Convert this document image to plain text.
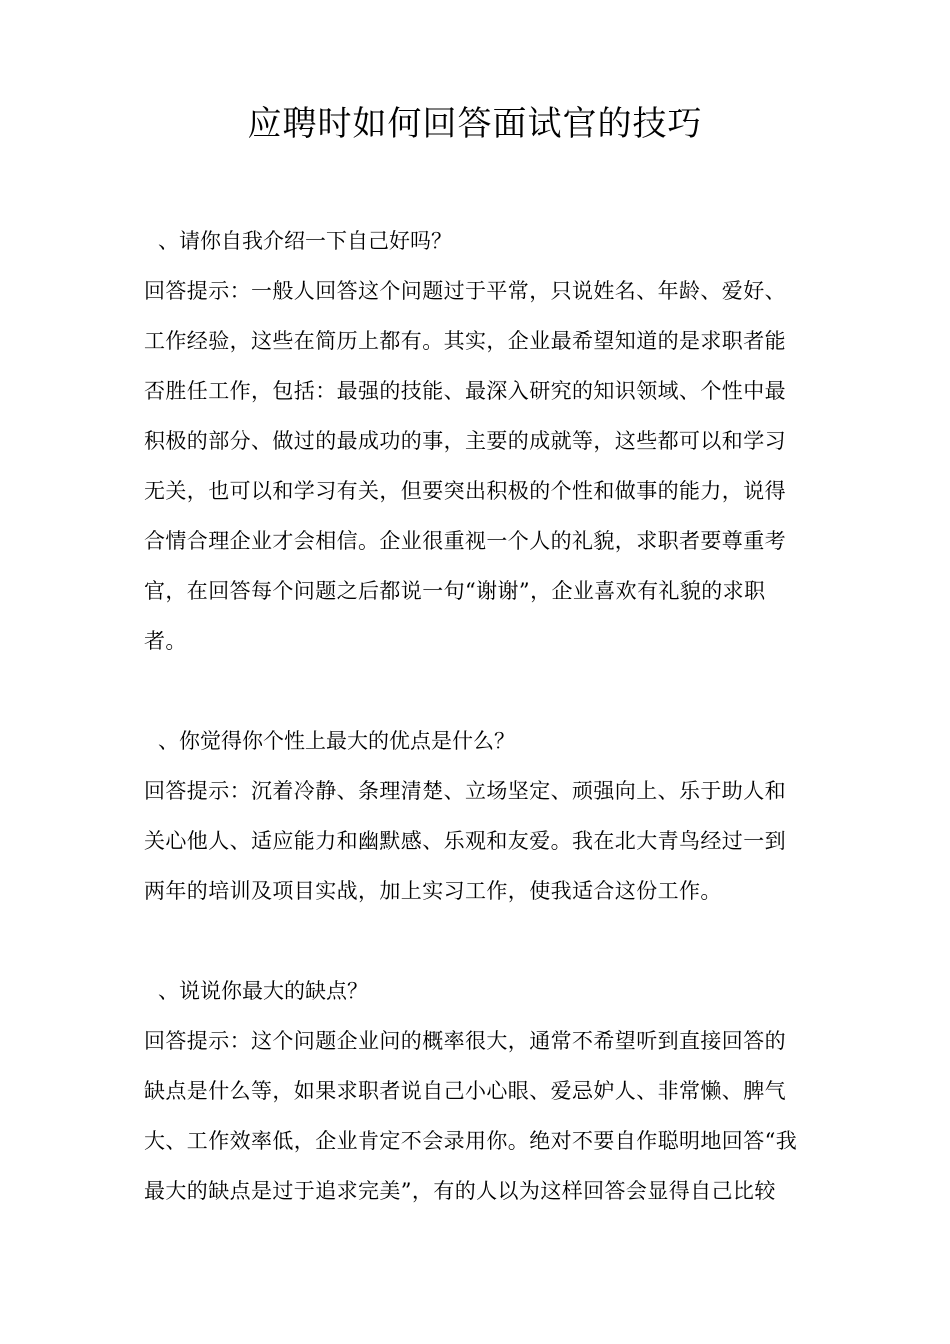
应聘时如何回答面试官的技巧

、请你自我介绍一下自己好吗？

回答提示：一般人回答这个问题过于平常，只说姓名、年龄、爱好、
工作经验，这些在简历上都有。其实，企业最希望知道的是求职者能
否胜任工作，包括：最强的技能、最深入研究的知识领域、个性中最
积极的部分、做过的最成功的事，主要的成就等，这些都可以和学习
无关，也可以和学习有关，但要突出积极的个性和做事的能力，说得
合情合理企业才会相信。企业很重视一个人的礼貌，求职者要尊重考
官，在回答每个问题之后都说一句“谢谢”，企业喜欢有礼貌的求职
者。

、你觉得你个性上最大的优点是什么？

回答提示：沉着冷静、条理清楚、立场坚定、顽强向上、乐于助人和
关心他人、适应能力和幽默感、乐观和友爱。我在北大青鸟经过一到
两年的培训及项目实战，加上实习工作，使我适合这份工作。

、说说你最大的缺点？

回答提示：这个问题企业问的概率很大，通常不希望听到直接回答的
缺点是什么等，如果求职者说自己小心眼、爱忌妒人、非常懒、脾气
大、工作效率低，企业肯定不会录用你。绝对不要自作聪明地回答“我
最大的缺点是过于追求完美”，有的人以为这样回答会显得自己比较
